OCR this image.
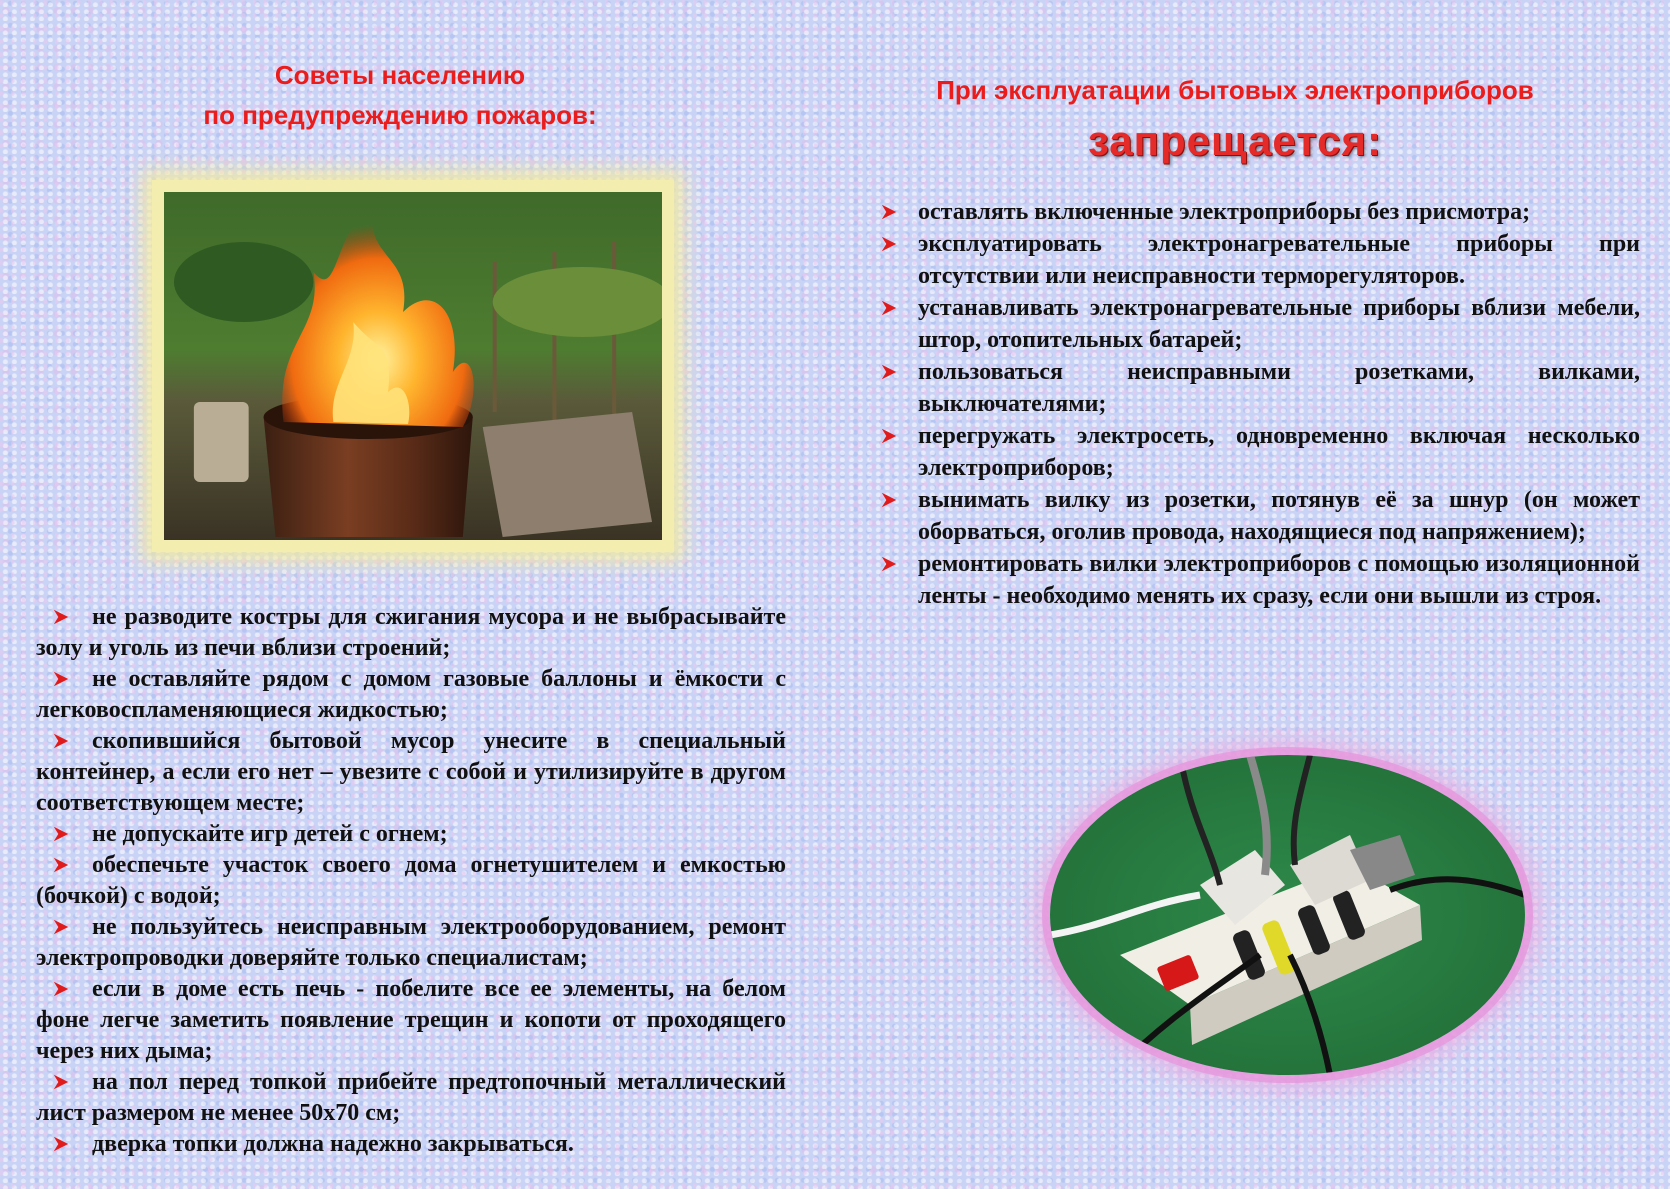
Советы населению

по предупреждению пожаров:

не разводите костры для сжигания мусора и не выбрасывайте золу и уголь из печи вблизи строений;
не оставляйте рядом с домом газовые баллоны и ёмкости с легковоспламеняющиеся жидкостью;
скопившийся бытовой мусор унесите в специальный контейнер, а если его нет – увезите с собой и утилизируйте в другом соответствующем месте;
не допускайте игр детей с огнем;
обеспечьте участок своего дома огнетушителем и емкостью (бочкой) с водой;
не пользуйтесь неисправным электрооборудованием, ремонт электропроводки доверяйте только специалистам;
если в доме есть печь - побелите все ее элементы, на белом фоне легче заметить появление трещин и копоти от проходящего через них дыма;
на пол перед топкой прибейте предтопочный металлический лист размером не менее 50х70 см;
дверка топки должна надежно закрываться.

При эксплуатации бытовых электроприборов

запрещается:

оставлять включенные электроприборы без присмотра;
эксплуатировать электронагревательные приборы при отсутствии или неисправности терморегуляторов.
устанавливать электронагревательные приборы вблизи мебели, штор, отопительных батарей;
пользоваться неисправными розетками, вилками, выключателями;
перегружать электросеть, одновременно включая несколько электроприборов;
вынимать вилку из розетки, потянув её за шнур (он может оборваться, оголив провода, находящиеся под напряжением);
ремонтировать вилки электроприборов с помощью изоляционной ленты - необходимо менять их сразу, если они вышли из строя.
